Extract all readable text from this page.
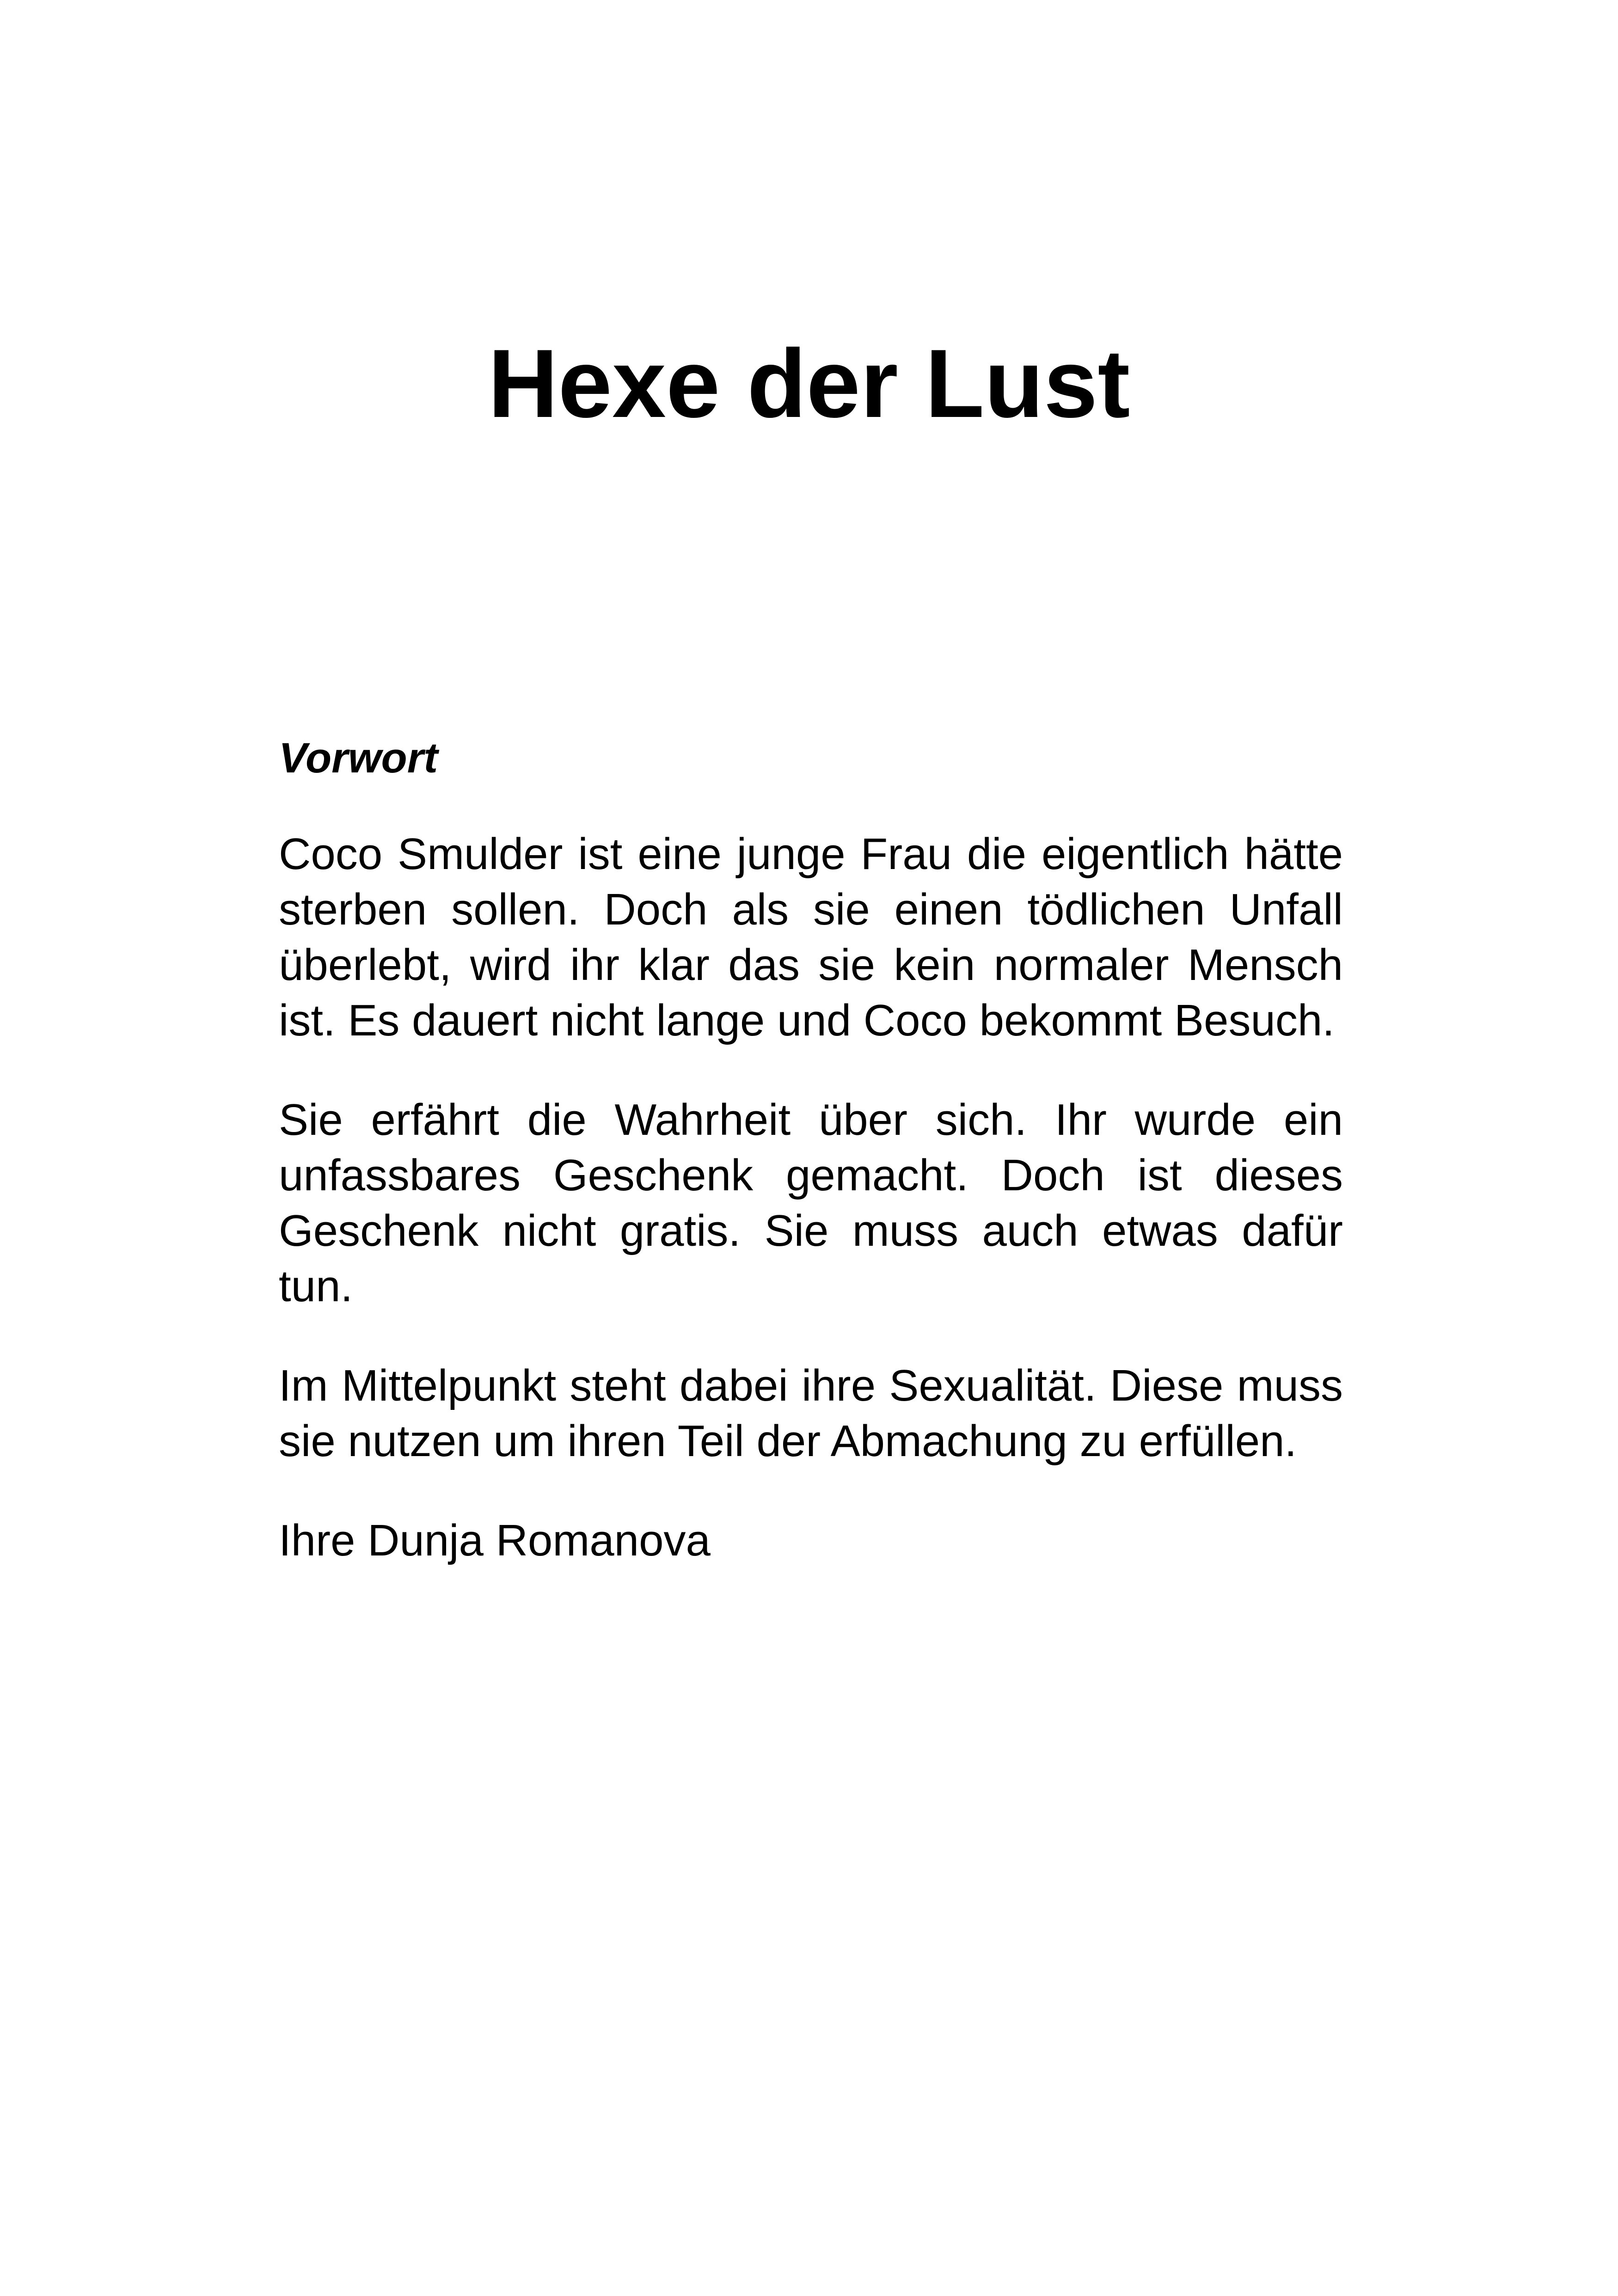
Hexe der Lust
Vorwort

Coco Smulder ist eine junge Frau die eigentlich hätte sterben sollen. Doch als sie einen tödlichen Unfall überlebt, wird ihr klar das sie kein normaler Mensch ist. Es dauert nicht lange und Coco bekommt Besuch.

Sie erfährt die Wahrheit über sich. Ihr wurde ein unfassbares Geschenk gemacht. Doch ist dieses Geschenk nicht gratis. Sie muss auch etwas dafür tun.

Im Mittelpunkt steht dabei ihre Sexualität. Diese muss sie nutzen um ihren Teil der Abmachung zu erfüllen.

Ihre Dunja Romanova
